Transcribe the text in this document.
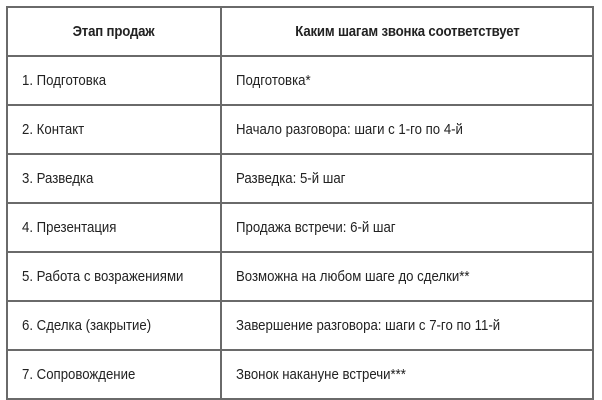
Этап продаж	Каким шагам звонка соответствует
1. Подготовка	Подготовка*
2. Контакт	Начало разговора: шаги с 1-го по 4-й
3. Разведка	Разведка: 5-й шаг
4. Презентация	Продажа встречи: 6-й шаг
5. Работа с возражениями	Возможна на любом шаге до сделки**
6. Сделка (закрытие)	Завершение разговора: шаги с 7-го по 11-й
7. Сопровождение	Звонок накануне встречи***
